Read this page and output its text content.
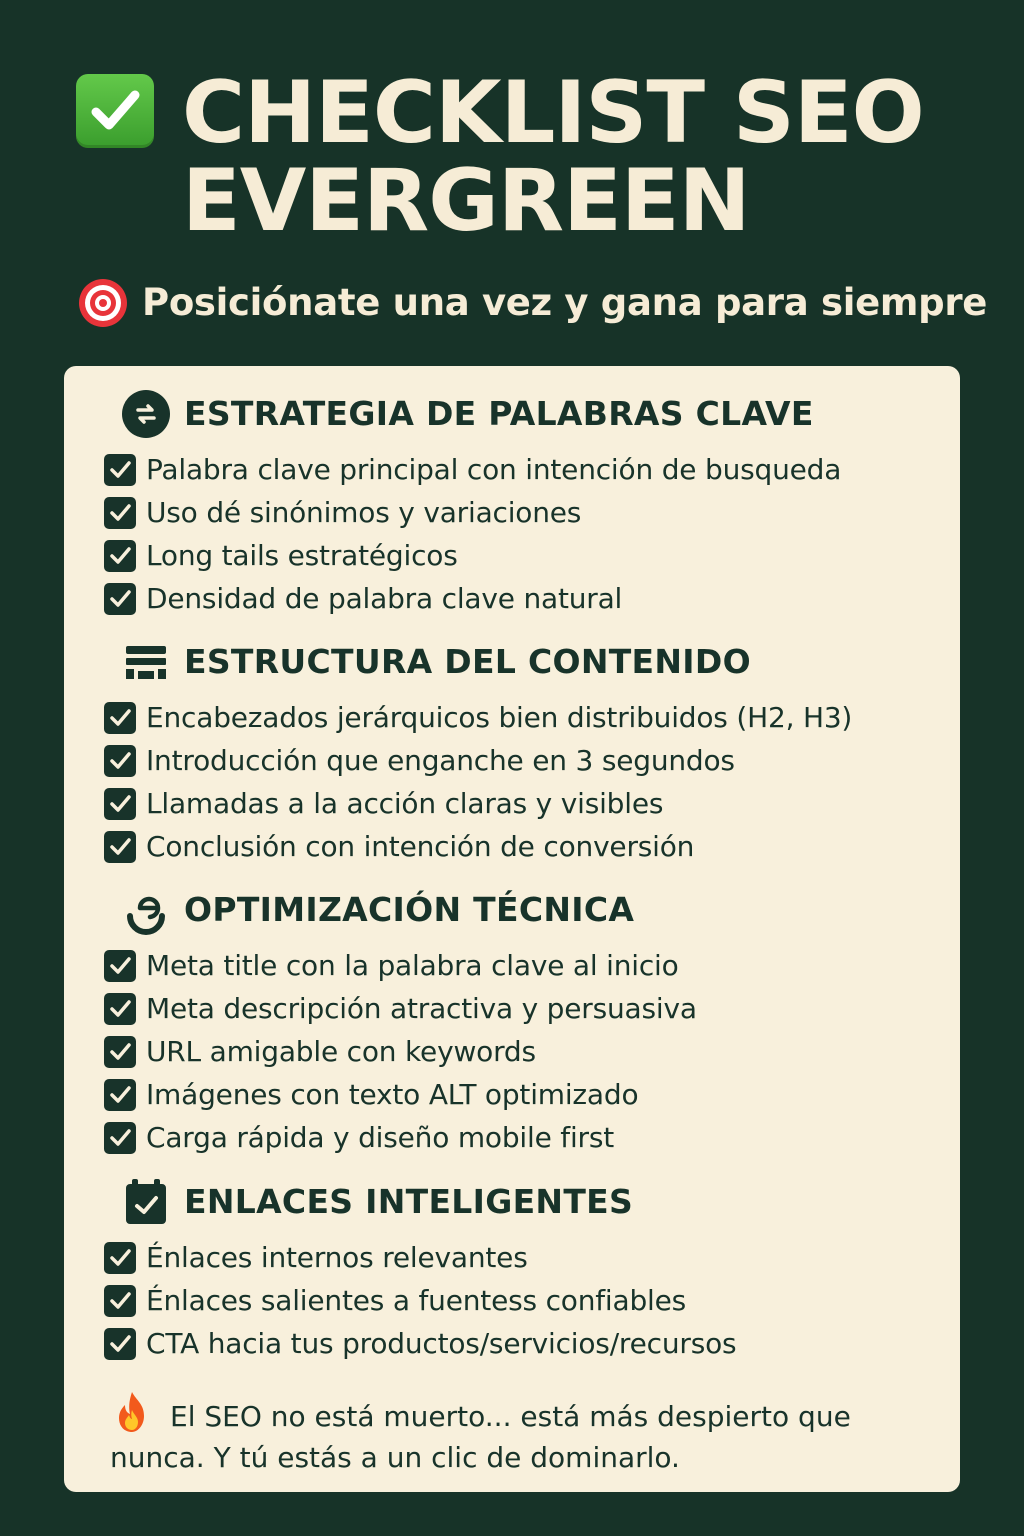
CHECKLIST SEO
EVERGREEN
Posiciónate una vez y gana para siempre
ESTRATEGIA DE PALABRAS CLAVE
Palabra clave principal con intención de busqueda
Uso dé sinónimos y variaciones
Long tails estratégicos
Densidad de palabra clave natural
ESTRUCTURA DEL CONTENIDO
Encabezados jerárquicos bien distribuidos (H2, H3)
Introducción que enganche en 3 segundos
Llamadas a la acción claras y visibles
Conclusión con intención de conversión
OPTIMIZACIÓN TÉCNICA
Meta title con la palabra clave al inicio
Meta descripción atractiva y persuasiva
URL amigable con keywords
Imágenes con texto ALT optimizado
Carga rápida y diseño mobile first
ENLACES INTELIGENTES
Énlaces internos relevantes
Énlaces salientes a fuentess confiables
CTA hacia tus productos/servicios/recursos
El SEO no está muerto... está más despierto que nunca. Y tú estás a un clic de dominarlo.
